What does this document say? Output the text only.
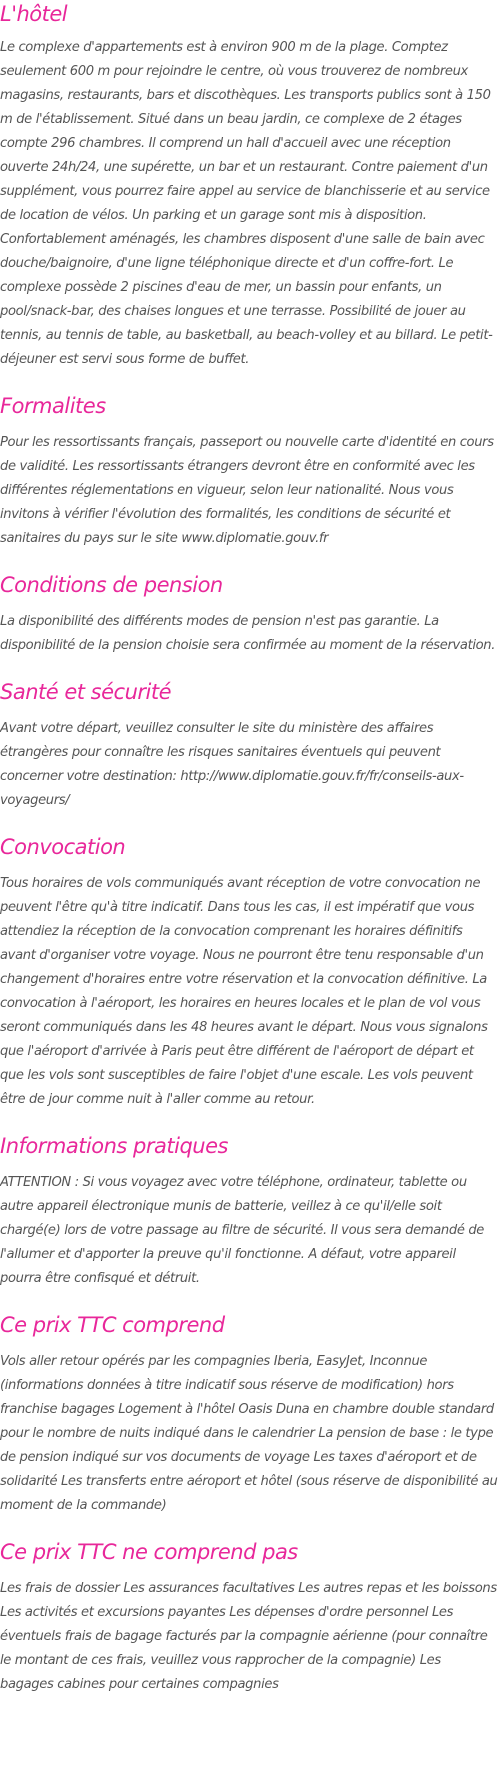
L'hôtel

Le complexe d'appartements est à environ 900 m de la plage. Comptez seulement 600 m pour rejoindre le centre, où vous trouverez de nombreux magasins, restaurants, bars et discothèques. Les transports publics sont à 150 m de l'établissement. Situé dans un beau jardin, ce complexe de 2 étages compte 296 chambres. Il comprend un hall d'accueil avec une réception ouverte 24h/24, une supérette, un bar et un restaurant. Contre paiement d'un supplément, vous pourrez faire appel au service de blanchisserie et au service de location de vélos. Un parking et un garage sont mis à disposition. Confortablement aménagés, les chambres disposent d'une salle de bain avec douche/baignoire, d'une ligne téléphonique directe et d'un coffre-fort. Le complexe possède 2 piscines d'eau de mer, un bassin pour enfants, un pool/snack-bar, des chaises longues et une terrasse. Possibilité de jouer au tennis, au tennis de table, au basketball, au beach-volley et au billard. Le petit-déjeuner est servi sous forme de buffet.

Formalites

Pour les ressortissants français, passeport ou nouvelle carte d'identité en cours de validité. Les ressortissants étrangers devront être en conformité avec les différentes réglementations en vigueur, selon leur nationalité. Nous vous invitons à vérifier l'évolution des formalités, les conditions de sécurité et sanitaires du pays sur le site www.diplomatie.gouv.fr

Conditions de pension

La disponibilité des différents modes de pension n'est pas garantie. La disponibilité de la pension choisie sera confirmée au moment de la réservation.

Santé et sécurité

Avant votre départ, veuillez consulter le site du ministère des affaires étrangères pour connaître les risques sanitaires éventuels qui peuvent concerner votre destination: http://www.diplomatie.gouv.fr/fr/conseils-aux-voyageurs/

Convocation

Tous horaires de vols communiqués avant réception de votre convocation ne peuvent l'être qu'à titre indicatif. Dans tous les cas, il est impératif que vous attendiez la réception de la convocation comprenant les horaires définitifs avant d'organiser votre voyage. Nous ne pourront être tenu responsable d'un changement d'horaires entre votre réservation et la convocation définitive. La convocation à l'aéroport, les horaires en heures locales et le plan de vol vous seront communiqués dans les 48 heures avant le départ. Nous vous signalons que l'aéroport d'arrivée à Paris peut être différent de l'aéroport de départ et que les vols sont susceptibles de faire l'objet d'une escale. Les vols peuvent être de jour comme nuit à l'aller comme au retour.

Informations pratiques

ATTENTION : Si vous voyagez avec votre téléphone, ordinateur, tablette ou autre appareil électronique munis de batterie, veillez à ce qu'il/elle soit chargé(e) lors de votre passage au filtre de sécurité. Il vous sera demandé de l'allumer et d'apporter la preuve qu'il fonctionne. A défaut, votre appareil pourra être confisqué et détruit.

Ce prix TTC comprend

Vols aller retour opérés par les compagnies Iberia, EasyJet, Inconnue (informations données à titre indicatif sous réserve de modification) hors franchise bagages Logement à l'hôtel Oasis Duna en chambre double standard pour le nombre de nuits indiqué dans le calendrier La pension de base : le type de pension indiqué sur vos documents de voyage Les taxes d'aéroport et de solidarité Les transferts entre aéroport et hôtel (sous réserve de disponibilité au moment de la commande)

Ce prix TTC ne comprend pas

Les frais de dossier Les assurances facultatives Les autres repas et les boissons Les activités et excursions payantes Les dépenses d'ordre personnel Les éventuels frais de bagage facturés par la compagnie aérienne (pour connaître le montant de ces frais, veuillez vous rapprocher de la compagnie) Les bagages cabines pour certaines compagnies
